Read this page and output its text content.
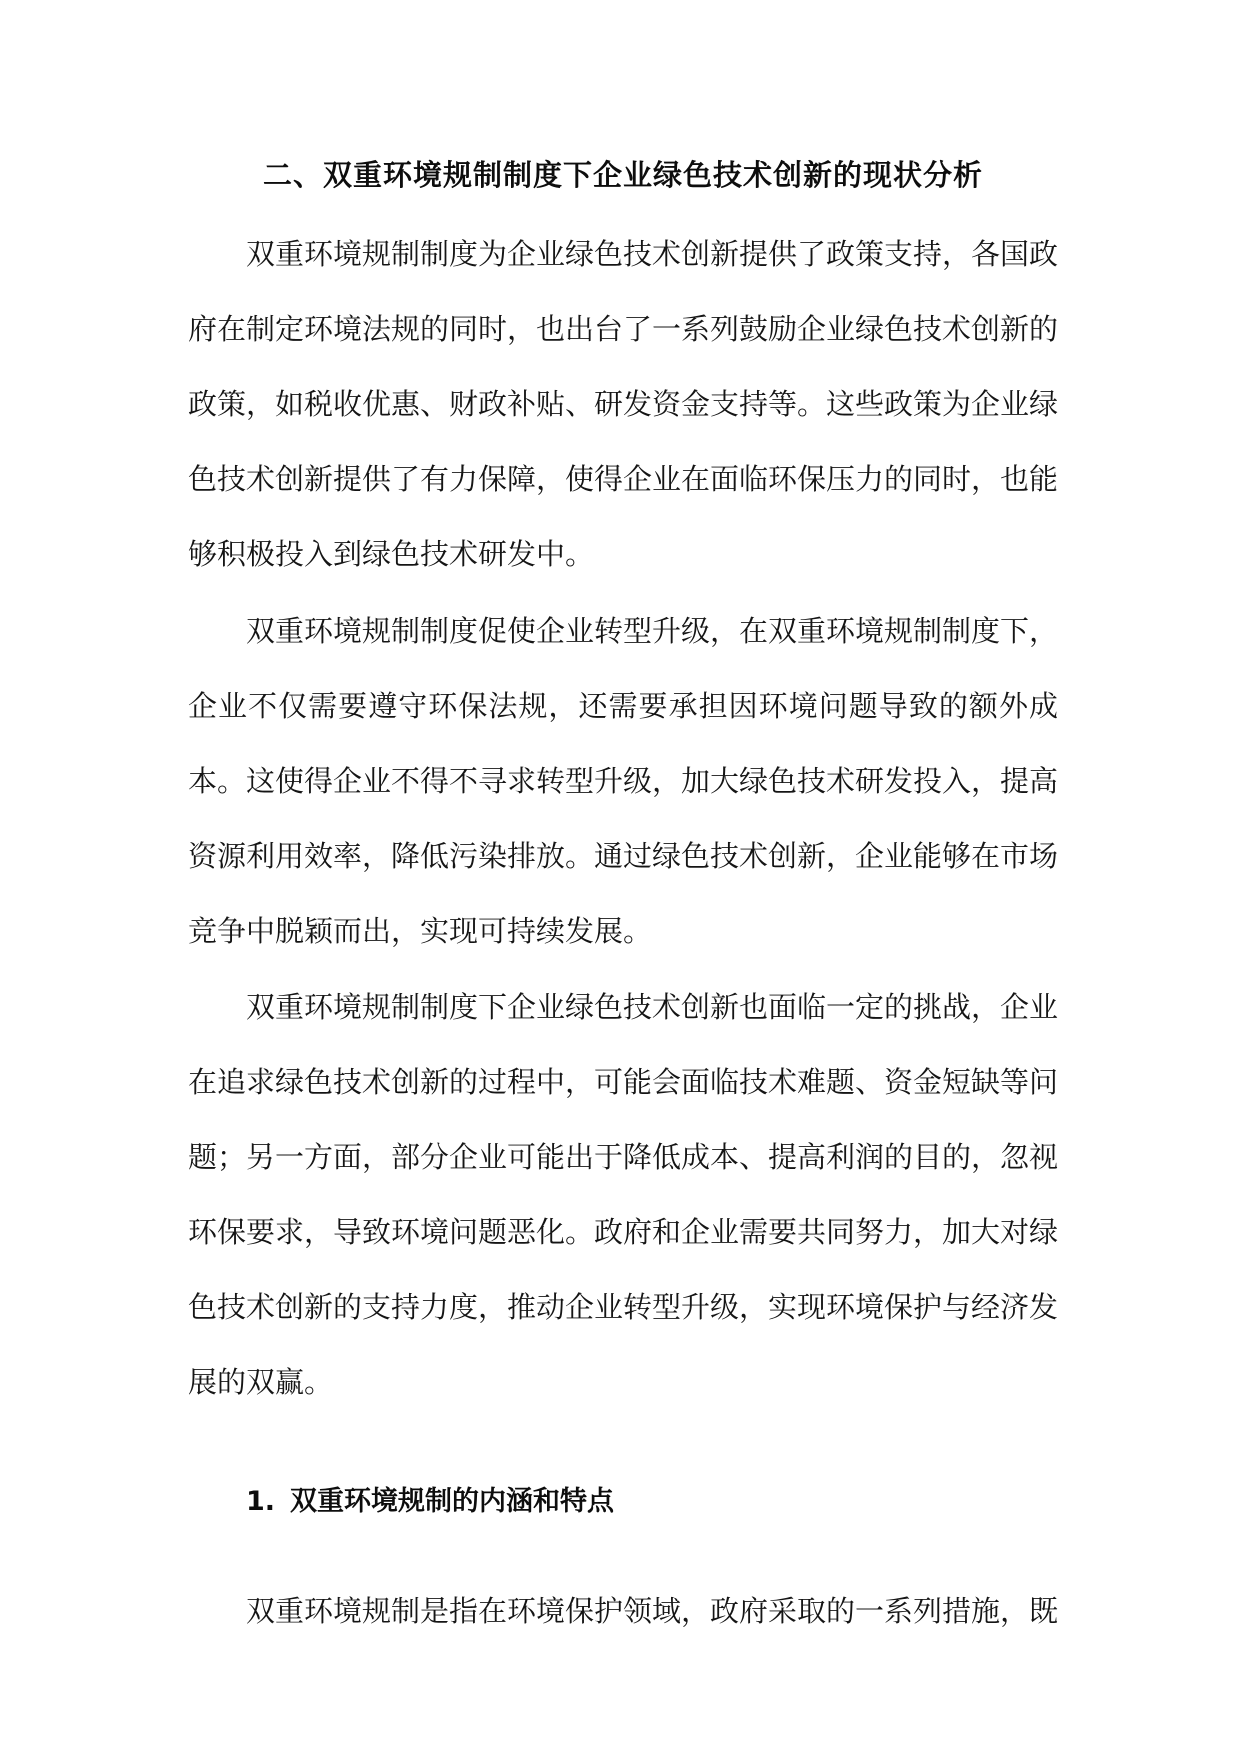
二、双重环境规制制度下企业绿色技术创新的现状分析

双重环境规制制度为企业绿色技术创新提供了政策支持，各国政府在制定环境法规的同时，也出台了一系列鼓励企业绿色技术创新的政策，如税收优惠、财政补贴、研发资金支持等。这些政策为企业绿色技术创新提供了有力保障，使得企业在面临环保压力的同时，也能够积极投入到绿色技术研发中。

双重环境规制制度促使企业转型升级，在双重环境规制制度下，企业不仅需要遵守环保法规，还需要承担因环境问题导致的额外成本。这使得企业不得不寻求转型升级，加大绿色技术研发投入，提高资源利用效率，降低污染排放。通过绿色技术创新，企业能够在市场竞争中脱颖而出，实现可持续发展。

双重环境规制制度下企业绿色技术创新也面临一定的挑战，企业在追求绿色技术创新的过程中，可能会面临技术难题、资金短缺等问题；另一方面，部分企业可能出于降低成本、提高利润的目的，忽视环保要求，导致环境问题恶化。政府和企业需要共同努力，加大对绿色技术创新的支持力度，推动企业转型升级，实现环境保护与经济发展的双赢。

1. 双重环境规制的内涵和特点

双重环境规制是指在环境保护领域，政府采取的一系列措施，既
